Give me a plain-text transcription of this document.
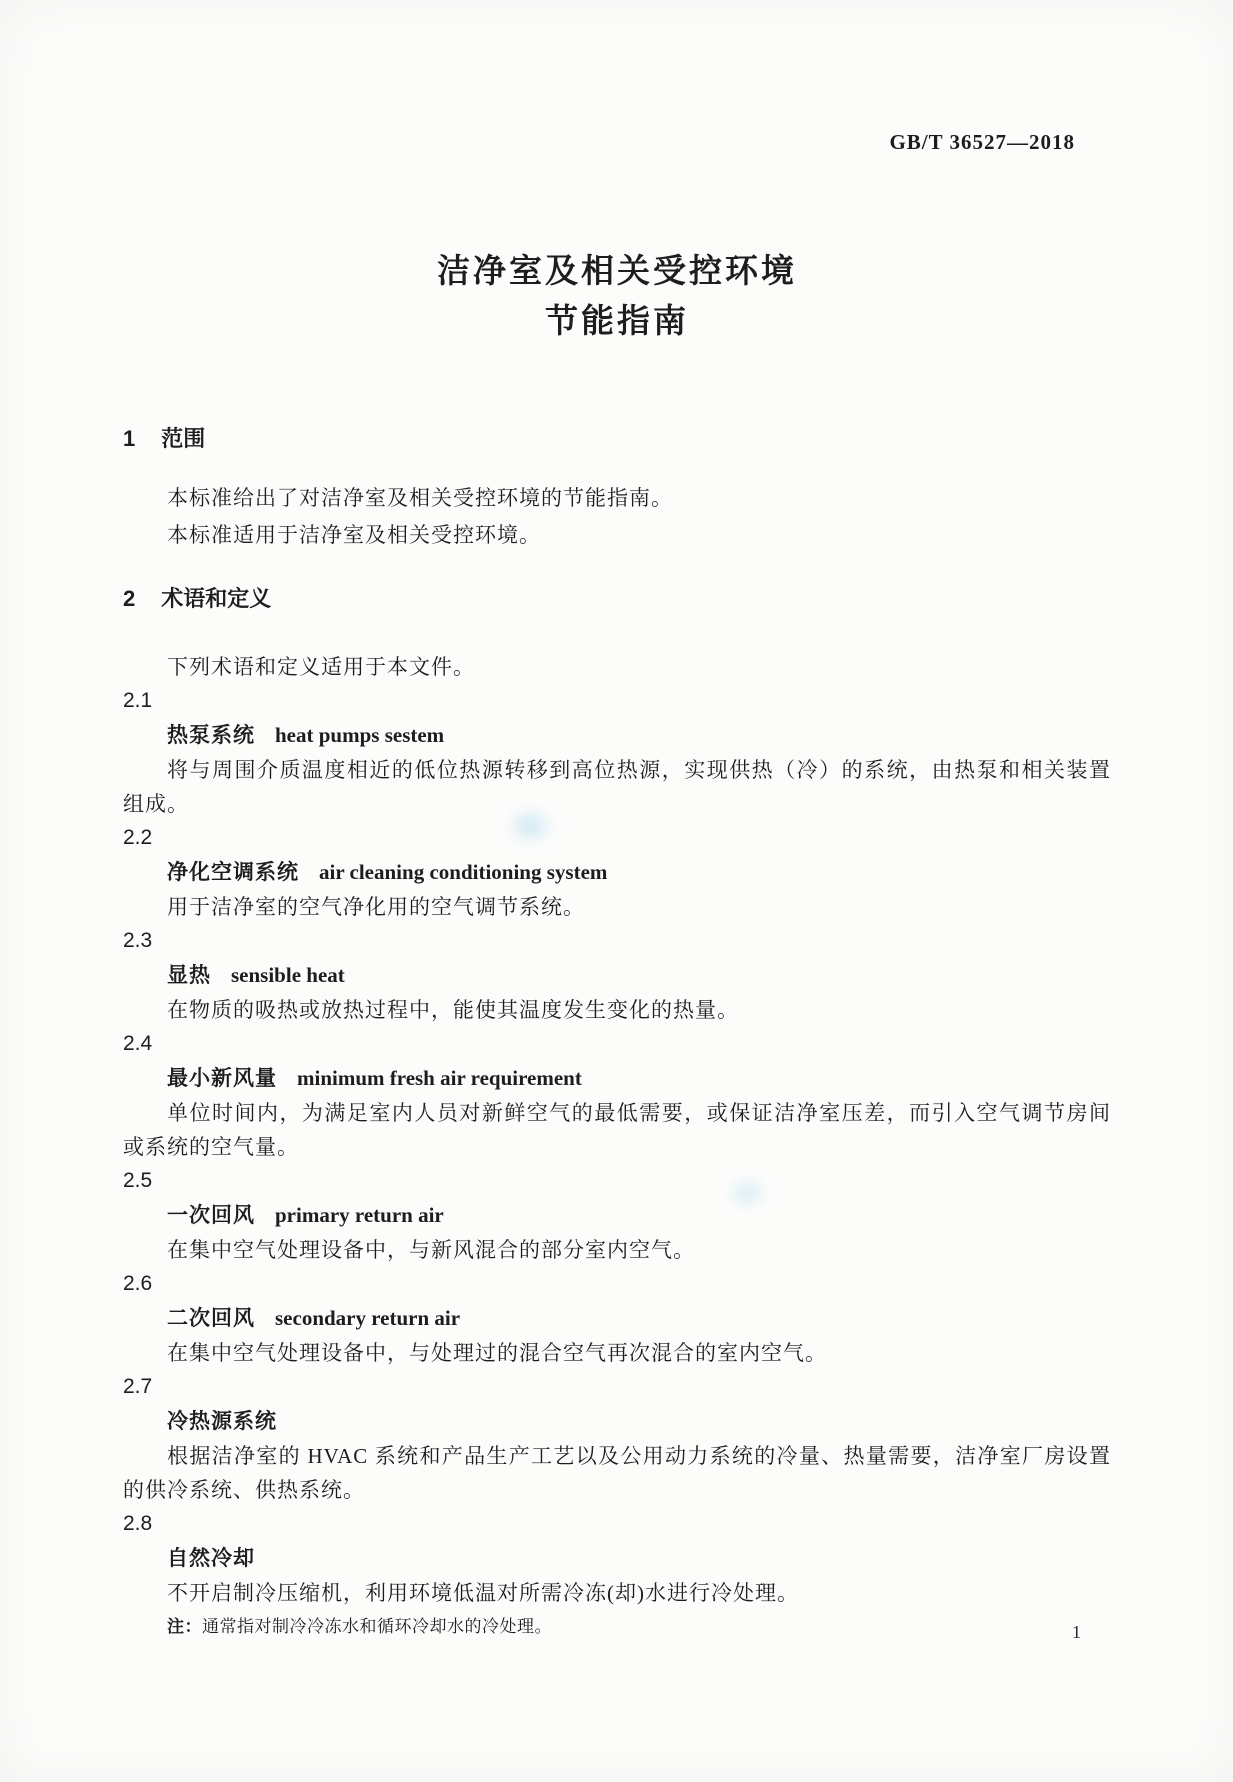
GB/T 36527—2018
洁净室及相关受控环境
节能指南
1 范围

本标准给出了对洁净室及相关受控环境的节能指南。

本标准适用于洁净室及相关受控环境。

2 术语和定义
下列术语和定义适用于本文件。
2.1
热泵系统 heat pumps sestem

将与周围介质温度相近的低位热源转移到高位热源，实现供热（冷）的系统，由热泵和相关装置组成。

2.2
净化空调系统 air cleaning conditioning system

用于洁净室的空气净化用的空气调节系统。

2.3
显热 sensible heat

在物质的吸热或放热过程中，能使其温度发生变化的热量。

2.4
最小新风量 minimum fresh air requirement

单位时间内，为满足室内人员对新鲜空气的最低需要，或保证洁净室压差，而引入空气调节房间或系统的空气量。

2.5
一次回风 primary return air

在集中空气处理设备中，与新风混合的部分室内空气。

2.6
二次回风 secondary return air

在集中空气处理设备中，与处理过的混合空气再次混合的室内空气。

2.7
冷热源系统

根据洁净室的 HVAC 系统和产品生产工艺以及公用动力系统的冷量、热量需要，洁净室厂房设置的供冷系统、供热系统。

2.8
自然冷却

不开启制冷压缩机，利用环境低温对所需冷冻(却)水进行冷处理。

注：通常指对制冷冷冻水和循环冷却水的冷处理。	1
